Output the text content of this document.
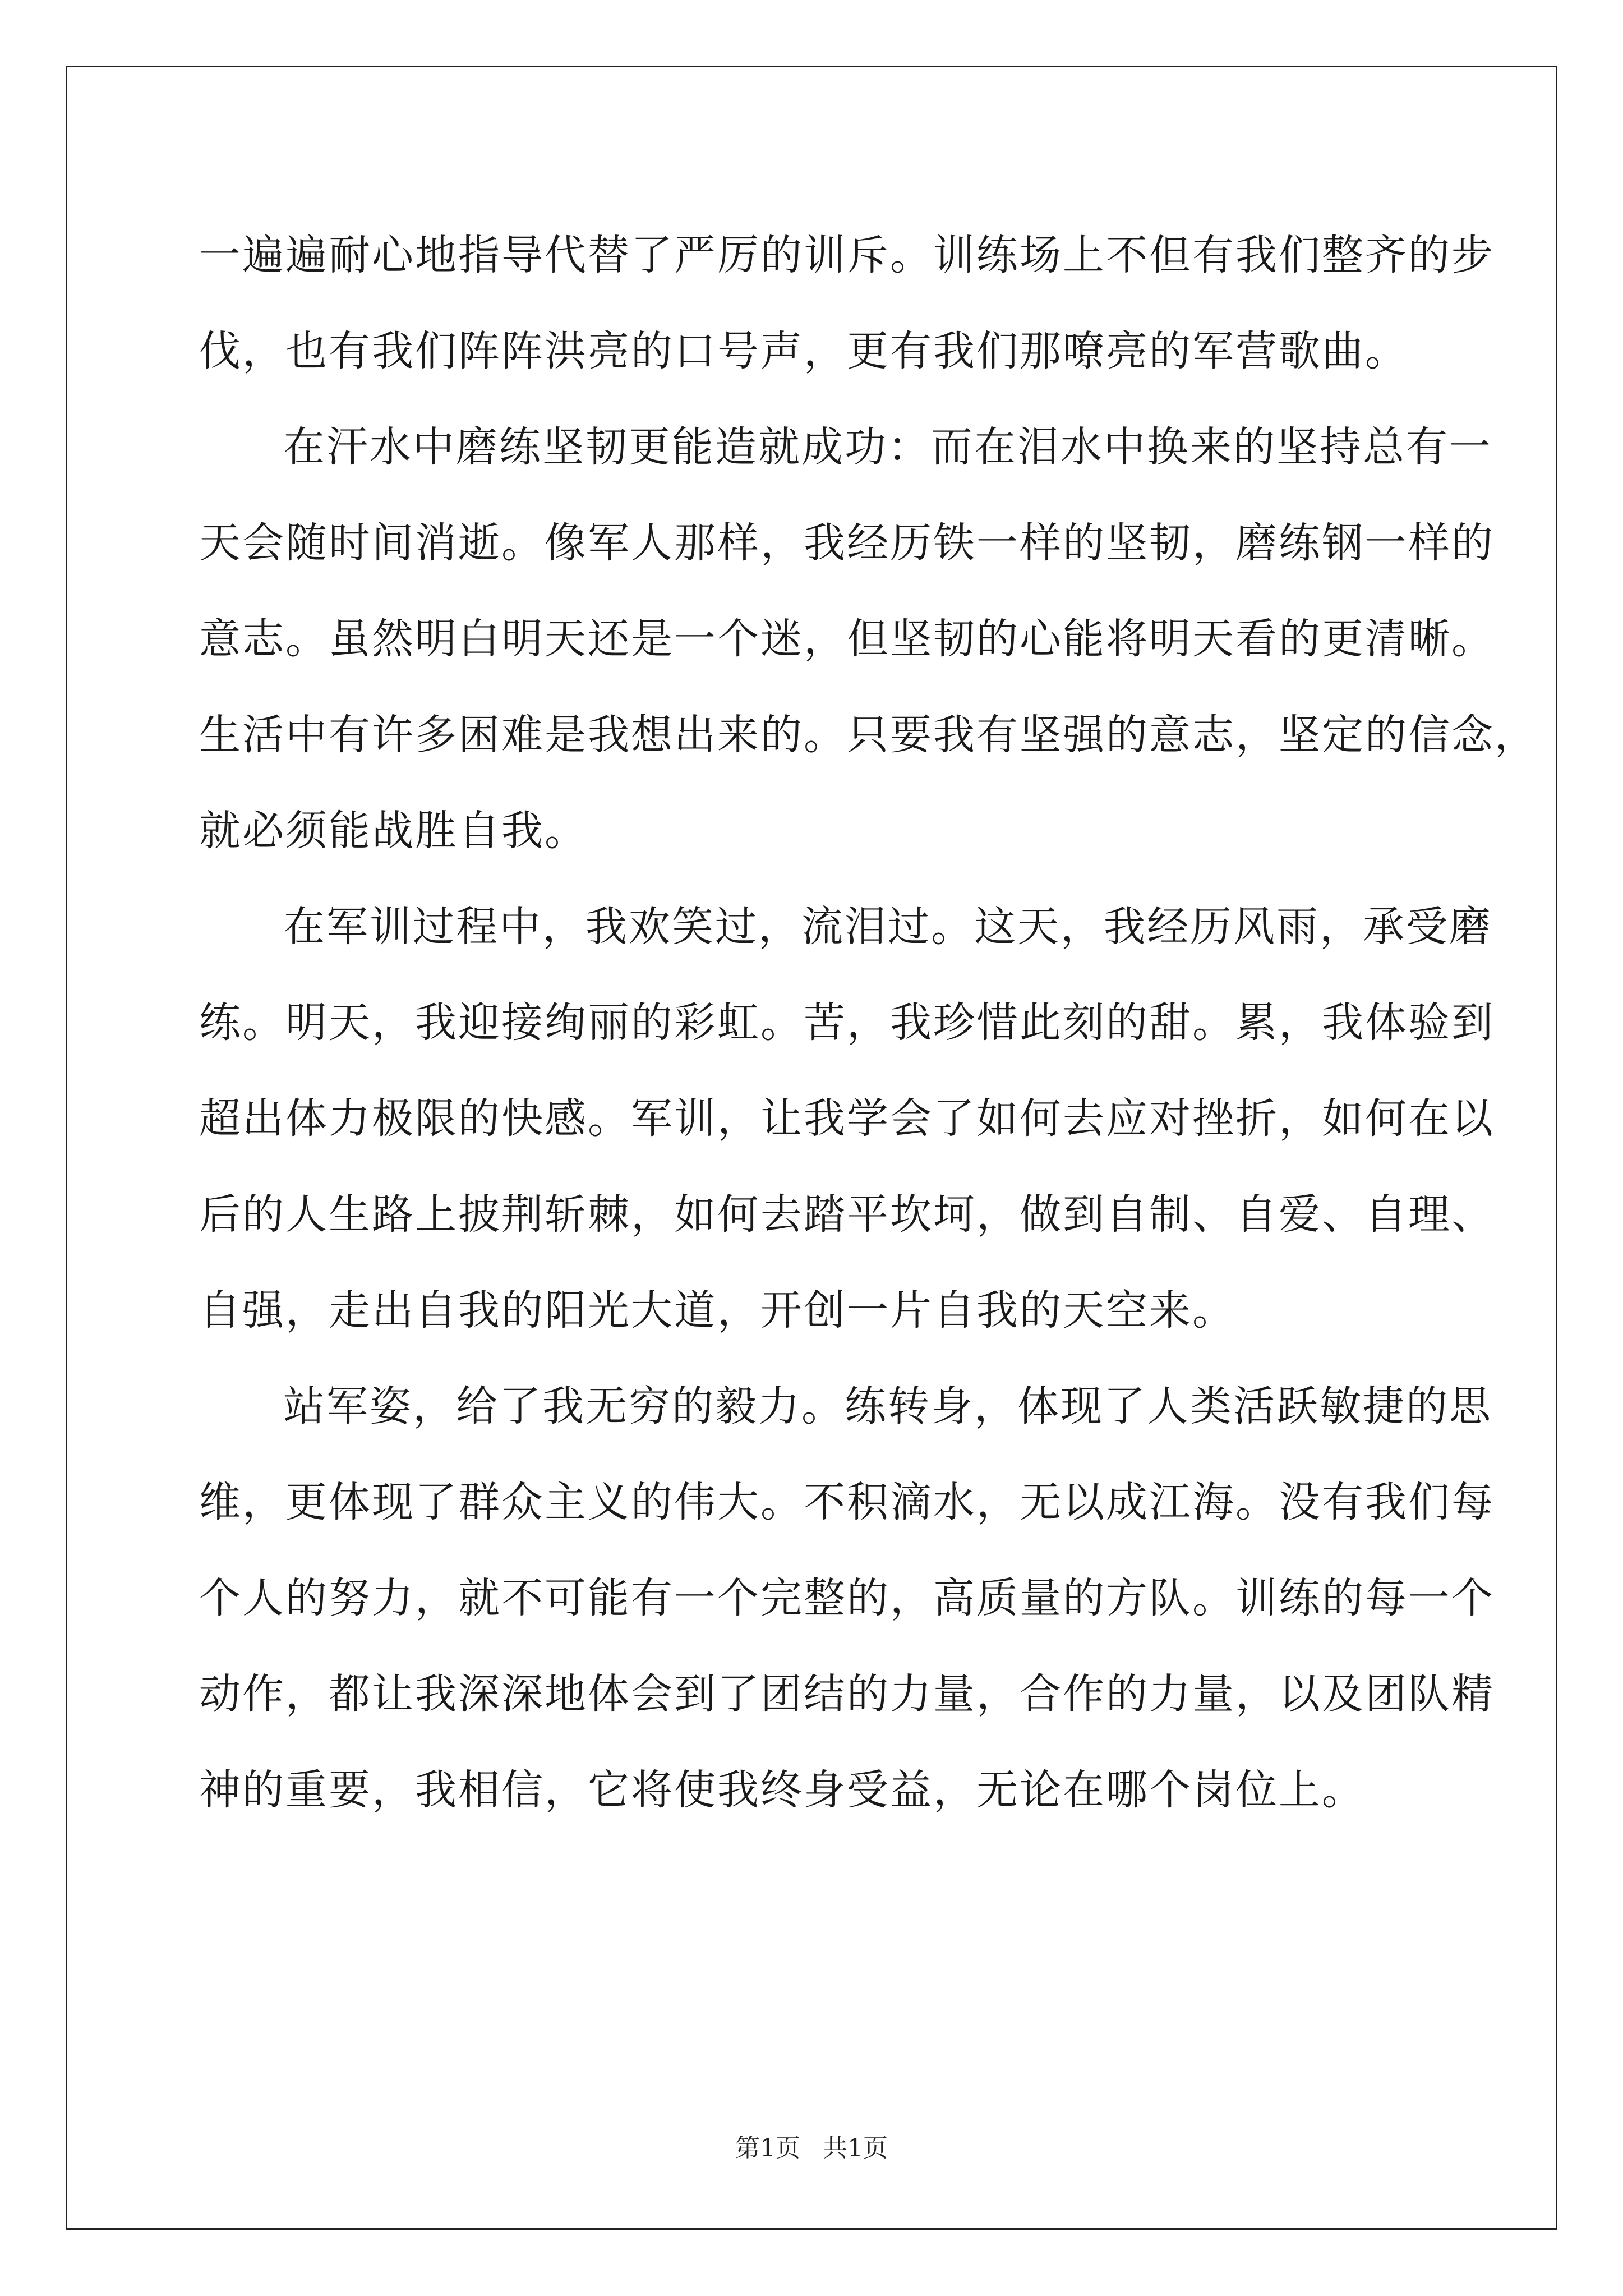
一遍遍耐心地指导代替了严厉的训斥。训练场上不但有我们整齐的步
伐，也有我们阵阵洪亮的口号声，更有我们那嘹亮的军营歌曲。
在汗水中磨练坚韧更能造就成功：而在泪水中换来的坚持总有一
天会随时间消逝。像军人那样，我经历铁一样的坚韧，磨练钢一样的
意志。虽然明白明天还是一个迷，但坚韧的心能将明天看的更清晰。
生活中有许多困难是我想出来的。只要我有坚强的意志，坚定的信念，
就必须能战胜自我。
在军训过程中，我欢笑过，流泪过。这天，我经历风雨，承受磨
练。明天，我迎接绚丽的彩虹。苦，我珍惜此刻的甜。累，我体验到
超出体力极限的快感。军训，让我学会了如何去应对挫折，如何在以
后的人生路上披荆斩棘，如何去踏平坎坷，做到自制、自爱、自理、
自强，走出自我的阳光大道，开创一片自我的天空来。
站军姿，给了我无穷的毅力。练转身，体现了人类活跃敏捷的思
维，更体现了群众主义的伟大。不积滴水，无以成江海。没有我们每
个人的努力，就不可能有一个完整的，高质量的方队。训练的每一个
动作，都让我深深地体会到了团结的力量，合作的力量，以及团队精
神的重要，我相信，它将使我终身受益，无论在哪个岗位上。
第1页 共1页
